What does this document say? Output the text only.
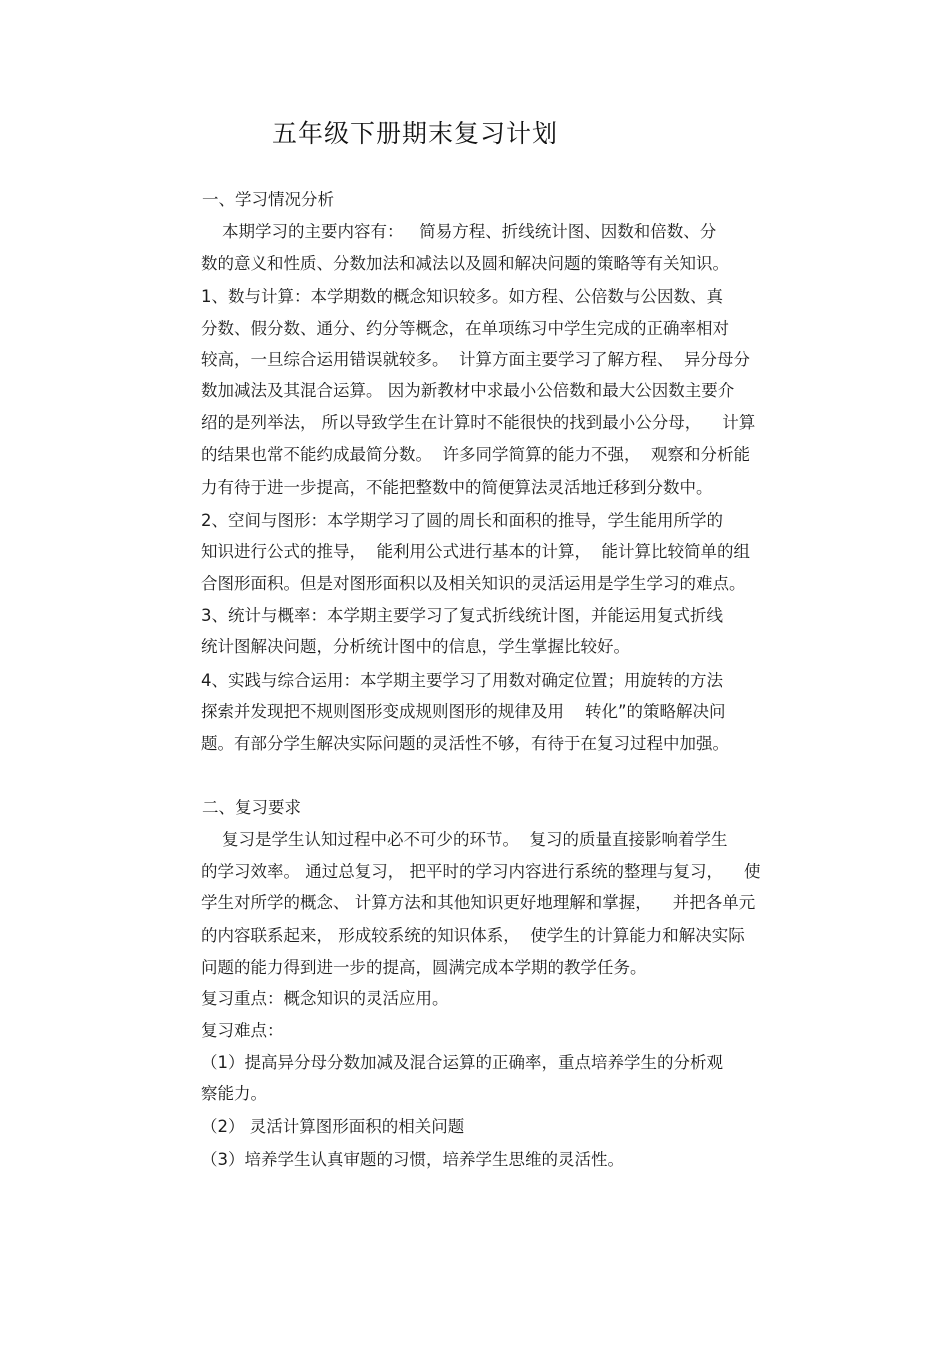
五年级下册期末复习计划
一、学习情况分析
本期学习的主要内容有：   简易方程、折线统计图、因数和倍数、分
数的意义和性质、分数加法和减法以及圆和解决问题的策略等有关知识。
1、数与计算：本学期数的概念知识较多。如方程、公倍数与公因数、真
分数、假分数、通分、约分等概念，在单项练习中学生完成的正确率相对
较高，一旦综合运用错误就较多。  计算方面主要学习了解方程、  异分母分
数加减法及其混合运算。 因为新教材中求最小公倍数和最大公因数主要介
绍的是列举法， 所以导致学生在计算时不能很快的找到最小公分母，    计算
的结果也常不能约成最简分数。  许多同学简算的能力不强，  观察和分析能
力有待于进一步提高，不能把整数中的简便算法灵活地迁移到分数中。
2、空间与图形：本学期学习了圆的周长和面积的推导，学生能用所学的
知识进行公式的推导，  能利用公式进行基本的计算，  能计算比较简单的组
合图形面积。但是对图形面积以及相关知识的灵活运用是学生学习的难点。
3、统计与概率：本学期主要学习了复式折线统计图，并能运用复式折线
统计图解决问题，分析统计图中的信息，学生掌握比较好。
4、实践与综合运用：本学期主要学习了用数对确定位置；用旋转的方法
探索并发现把不规则图形变成规则图形的规律及用    转化”的策略解决问
题。有部分学生解决实际问题的灵活性不够，有待于在复习过程中加强。
二、复习要求
复习是学生认知过程中必不可少的环节。  复习的质量直接影响着学生
的学习效率。 通过总复习， 把平时的学习内容进行系统的整理与复习，    使
学生对所学的概念、 计算方法和其他知识更好地理解和掌握，    并把各单元
的内容联系起来， 形成较系统的知识体系，  使学生的计算能力和解决实际
问题的能力得到进一步的提高，圆满完成本学期的教学任务。
复习重点：概念知识的灵活应用。
复习难点：
（1）提高异分母分数加减及混合运算的正确率，重点培养学生的分析观
察能力。
（2） 灵活计算图形面积的相关问题
（3）培养学生认真审题的习惯，培养学生思维的灵活性。
